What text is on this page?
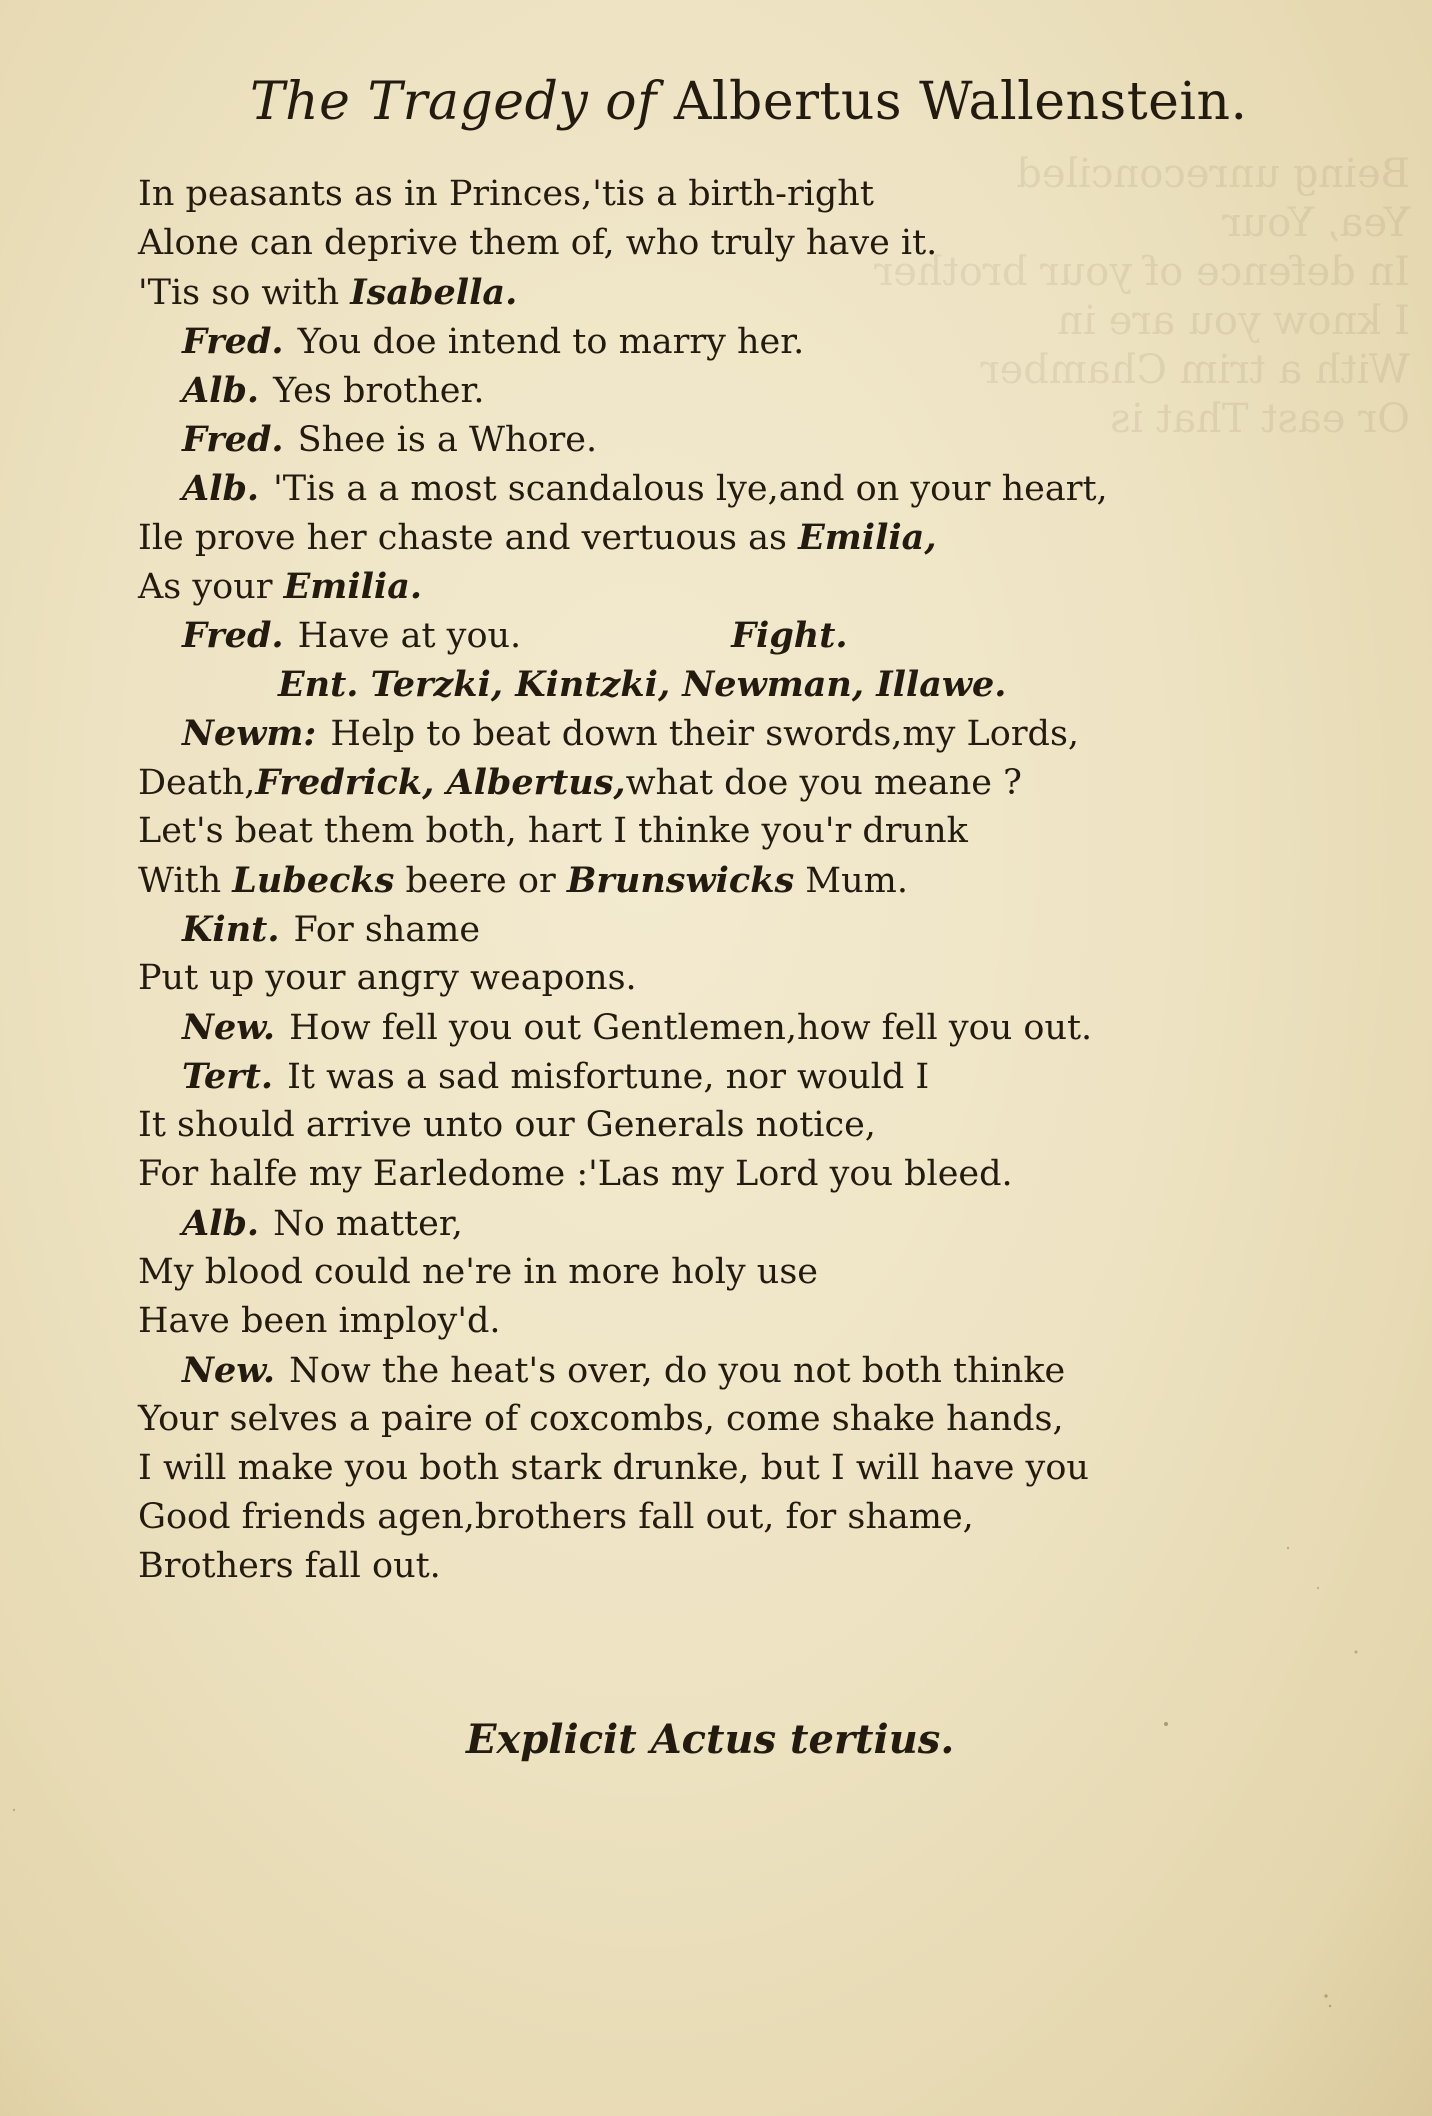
Being unreconciled
Yea, Your
In defence of your brother
I know you are in
With a trim Chamber
Or east That is
The Tragedy of Albertus Wallenstein.
In peasants as in Princes,'tis a birth-right
Alone can deprive them of, who truly have it.
'Tis so with Isabella.
Fred. You doe intend to marry her.
Alb. Yes brother.
Fred. Shee is a Whore.
Alb. 'Tis a a most scandalous lye,and on your heart,
Ile prove her chaste and vertuous as Emilia,
As your Emilia.
Fred. Have at you.	Fight.
Ent. Terzki, Kintzki, Newman, Illawe.
Newm: Help to beat down their swords,my Lords,
Death,Fredrick, Albertus,what doe you meane ?
Let's beat them both, hart I thinke you'r drunk
With Lubecks beere or Brunswicks Mum.
Kint. For shame
Put up your angry weapons.
New. How fell you out Gentlemen,how fell you out.
Tert. It was a sad misfortune, nor would I
It should arrive unto our Generals notice,
For halfe my Earledome :'Las my Lord you bleed.
Alb. No matter,
My blood could ne're in more holy use
Have been imploy'd.
New. Now the heat's over, do you not both thinke
Your selves a paire of coxcombs, come shake hands,
I will make you both stark drunke, but I will have you
Good friends agen,brothers fall out, for shame,
Brothers fall out.
Explicit Actus tertius.
